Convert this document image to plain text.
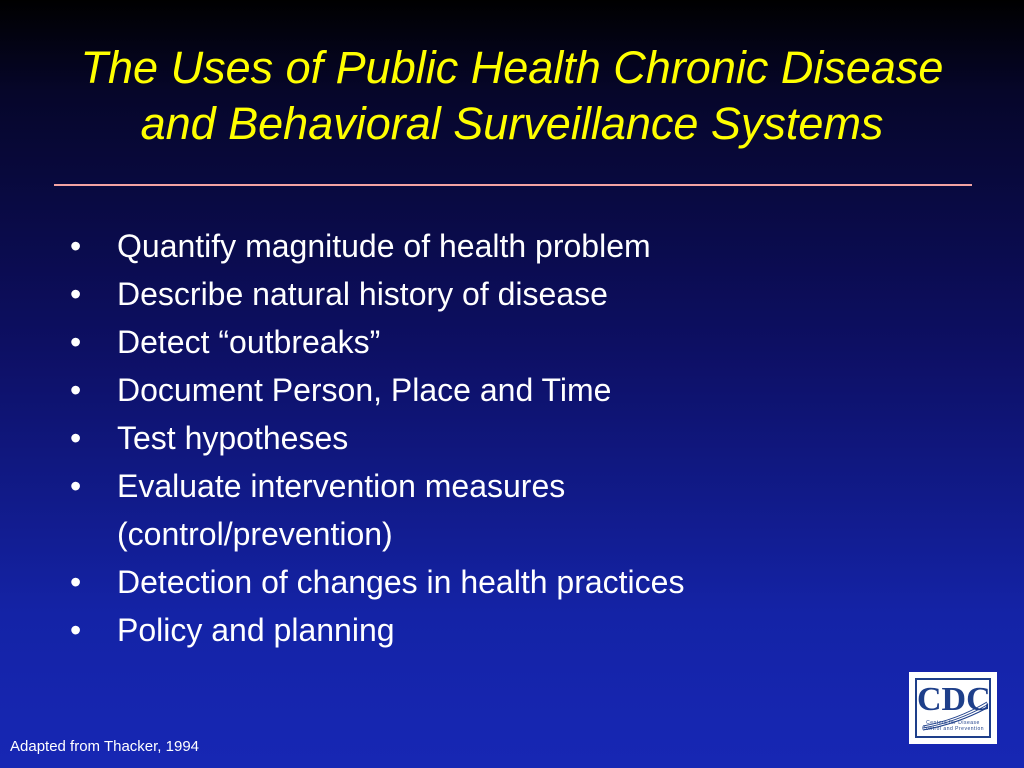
The Uses of Public Health Chronic Disease
and Behavioral Surveillance Systems
• Quantify magnitude of health problem
• Describe natural history of disease
• Detect “outbreaks”
• Document Person, Place and Time
• Test hypotheses
• Evaluate intervention measures (control/prevention)
• Detection of changes in health practices
• Policy and planning
CDC
Centers for Disease Control and Prevention

Adapted from Thacker, 1994
